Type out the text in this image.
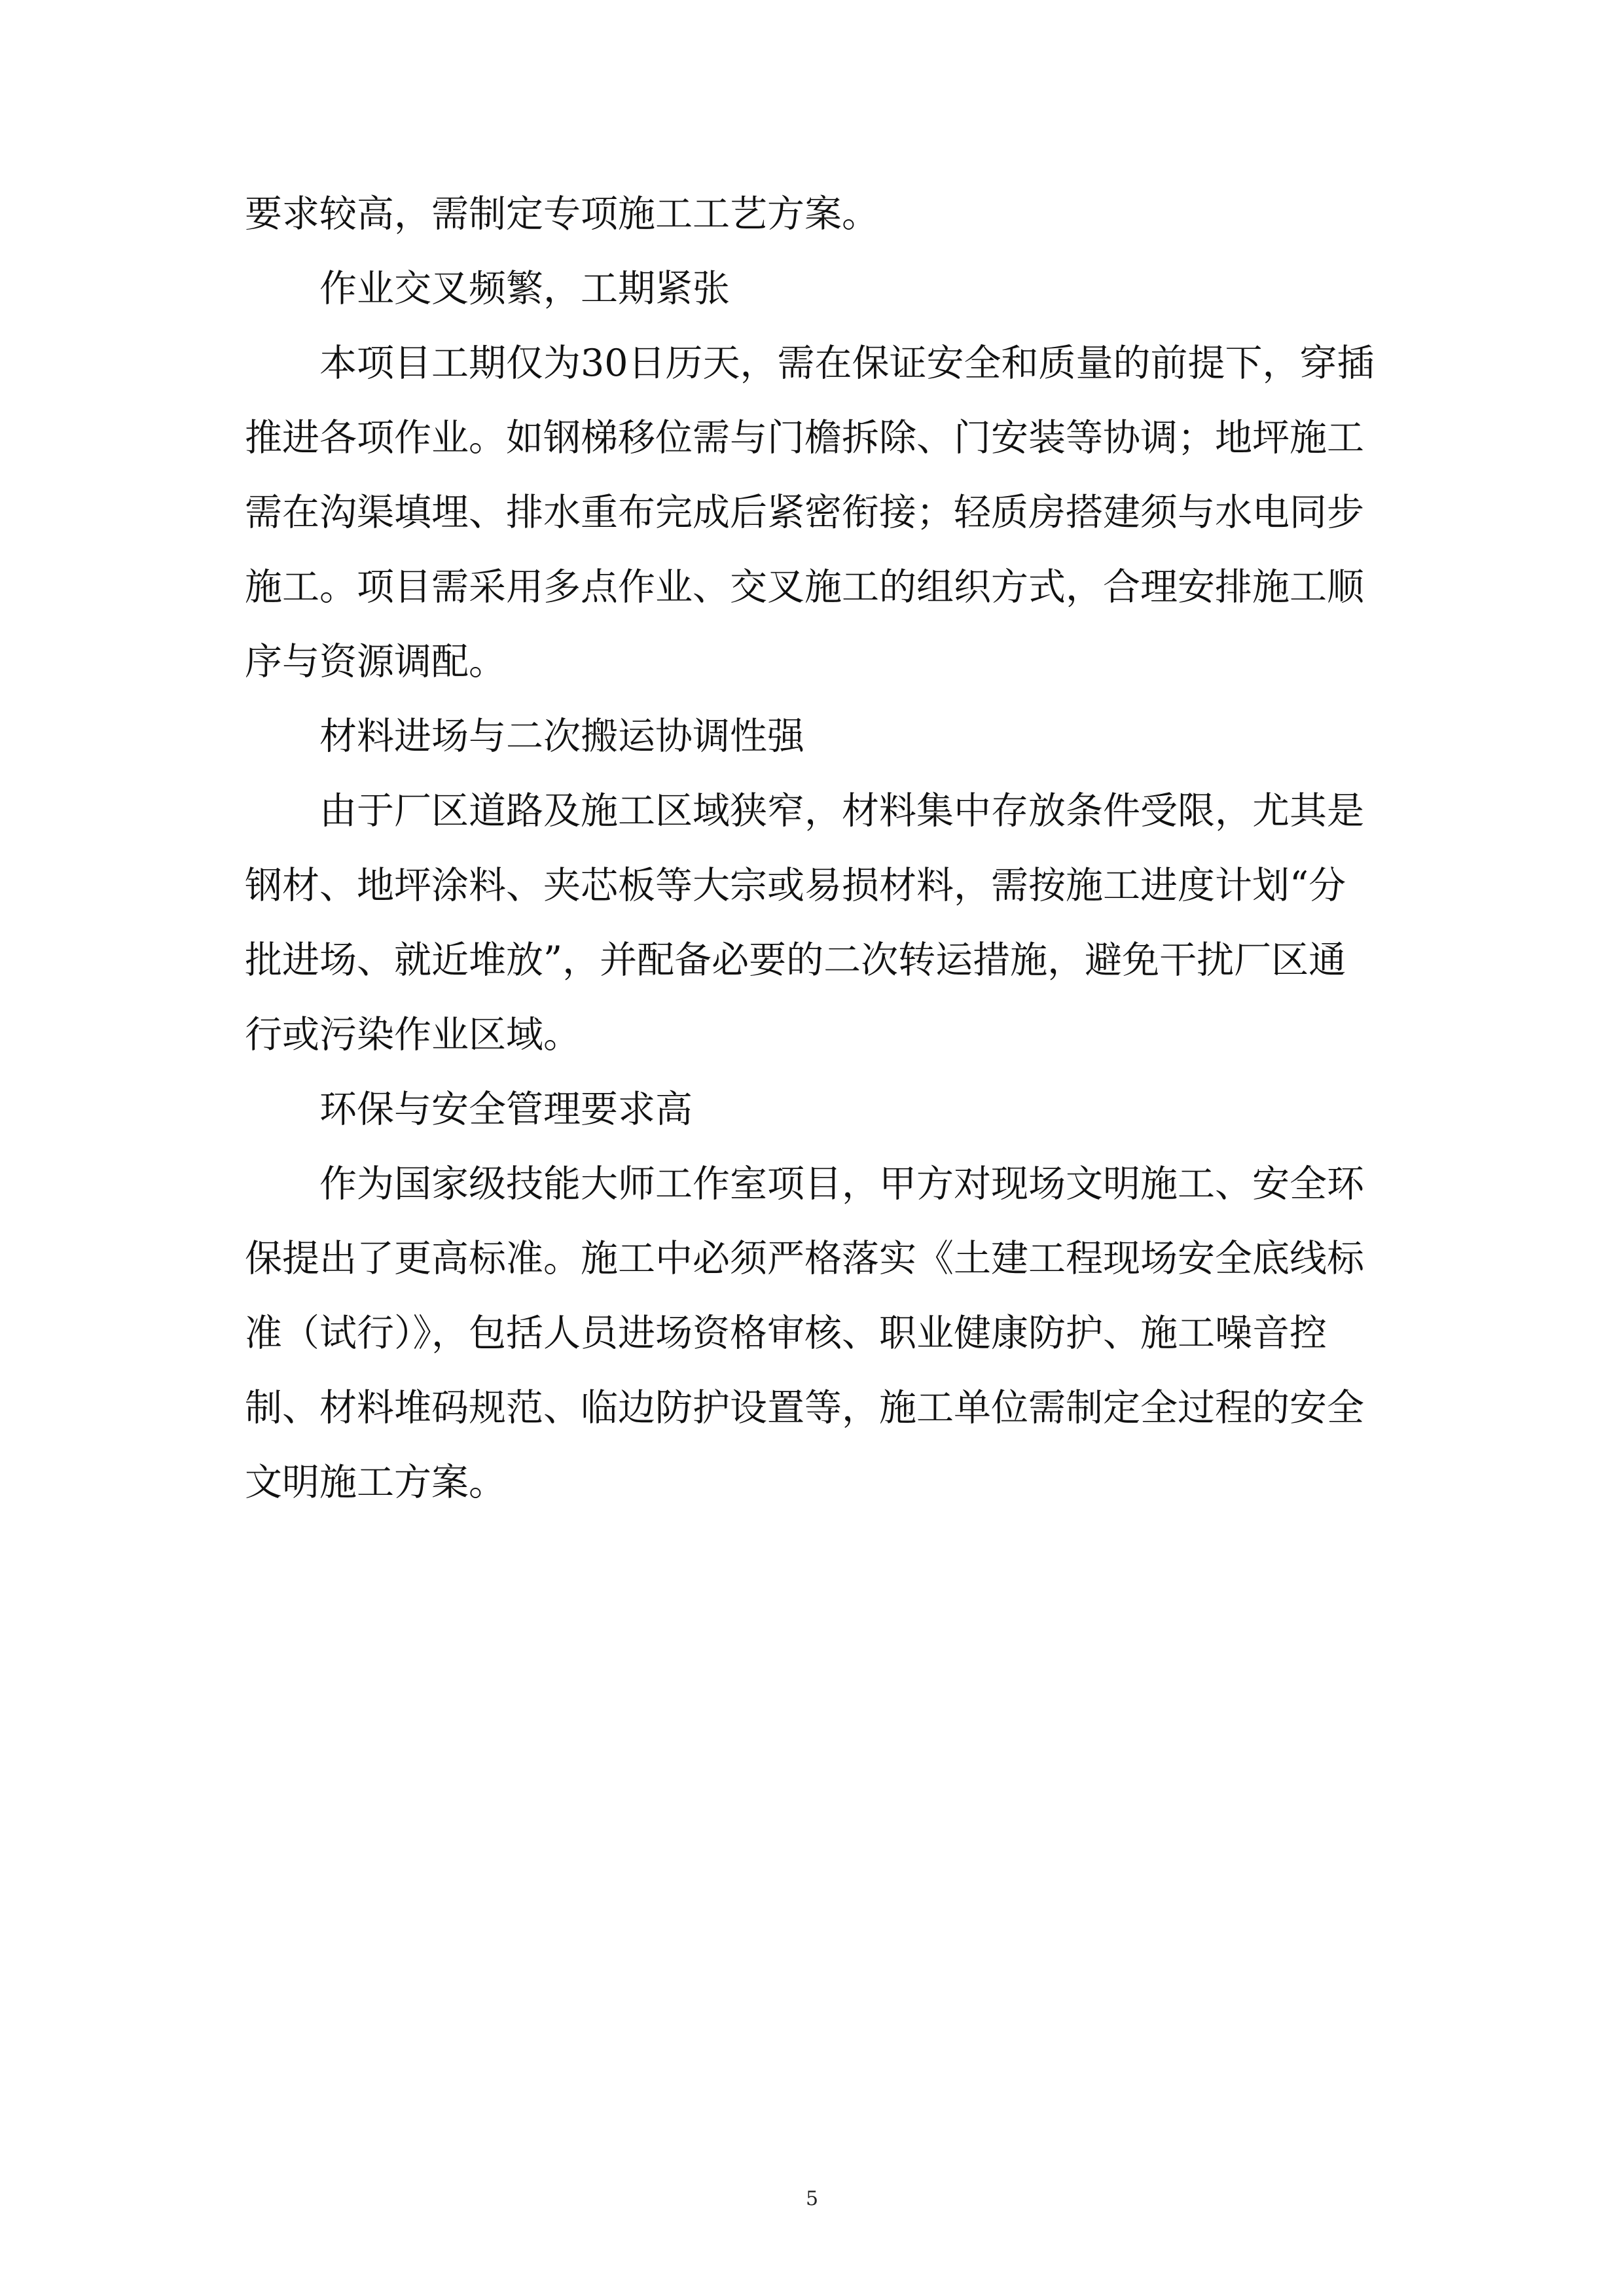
要求较高，需制定专项施工工艺方案。
作业交叉频繁，工期紧张
本项目工期仅为30日历天，需在保证安全和质量的前提下，穿插
推进各项作业。如钢梯移位需与门檐拆除、门安装等协调；地坪施工
需在沟渠填埋、排水重布完成后紧密衔接；轻质房搭建须与水电同步
施工。项目需采用多点作业、交叉施工的组织方式，合理安排施工顺
序与资源调配。
材料进场与二次搬运协调性强
由于厂区道路及施工区域狭窄，材料集中存放条件受限，尤其是
钢材、地坪涂料、夹芯板等大宗或易损材料，需按施工进度计划“分
批进场、就近堆放”，并配备必要的二次转运措施，避免干扰厂区通
行或污染作业区域。
环保与安全管理要求高
作为国家级技能大师工作室项目，甲方对现场文明施工、安全环
保提出了更高标准。施工中必须严格落实《土建工程现场安全底线标
准（试行）》，包括人员进场资格审核、职业健康防护、施工噪音控
制、材料堆码规范、临边防护设置等，施工单位需制定全过程的安全
文明施工方案。
5
